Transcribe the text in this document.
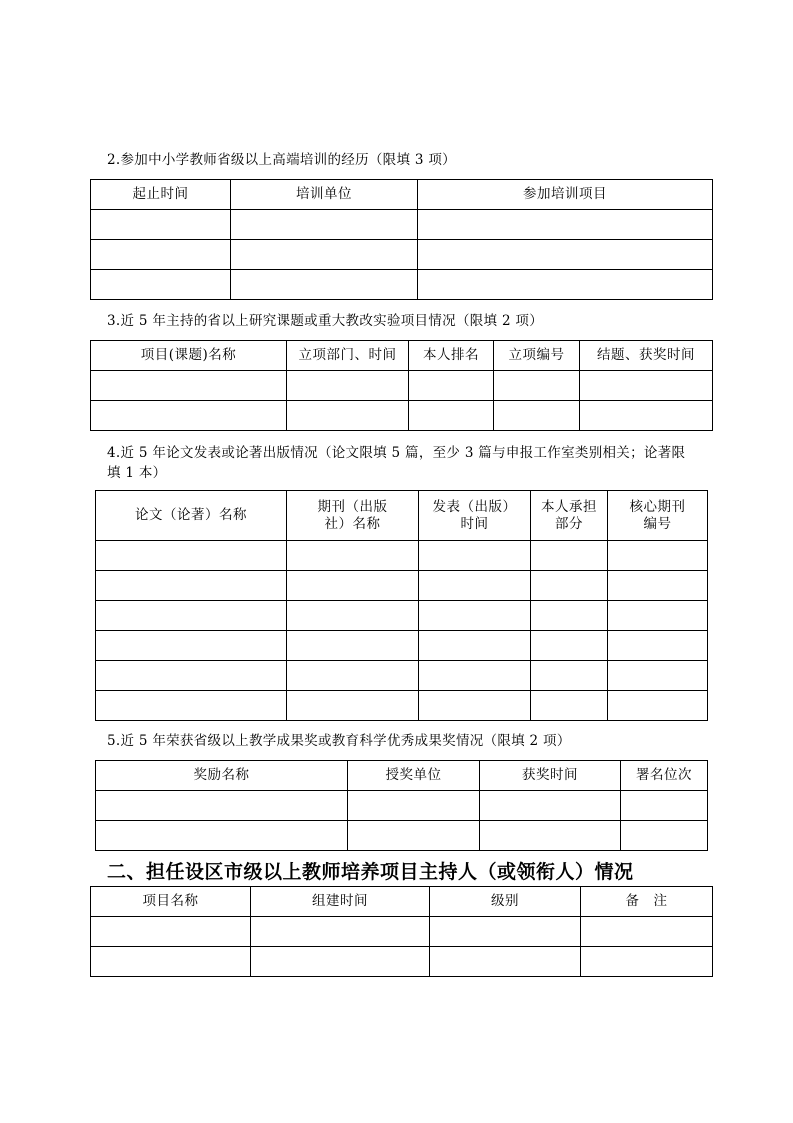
2.参加中小学教师省级以上高端培训的经历（限填 3 项）
起止时间	培训单位	参加培训项目

3.近 5 年主持的省以上研究课题或重大教改实验项目情况（限填 2 项）
项目(课题)名称	立项部门、时间	本人排名	立项编号	结题、获奖时间

4.近 5 年论文发表或论著出版情况（论文限填 5 篇，至少 3 篇与申报工作室类别相关；论著限填 1 本）
论文（论著）名称	期刊（出版社）名称	发表（出版）时间	本人承担部分	核心期刊编号

5.近 5 年荣获省级以上教学成果奖或教育科学优秀成果奖情况（限填 2 项）
奖励名称	授奖单位	获奖时间	署名位次

二、担任设区市级以上教师培养项目主持人（或领衔人）情况
项目名称	组建时间	级别	备　注
